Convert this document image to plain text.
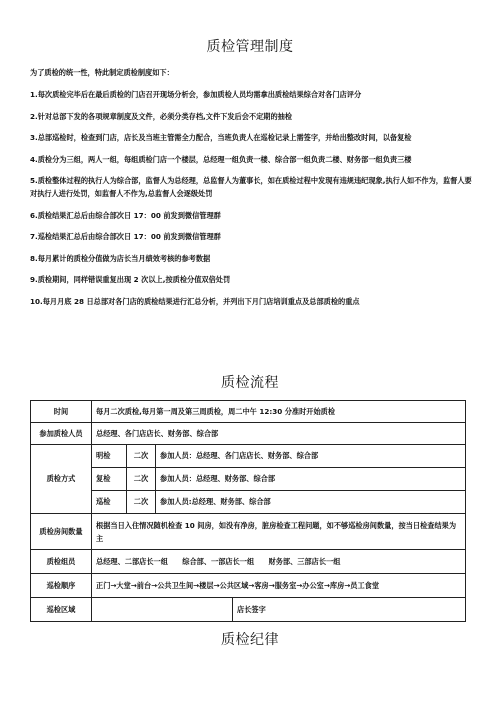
质检管理制度
为了质检的统一性，特此制定质检制度如下：
1.每次质检完毕后在最后质检的门店召开现场分析会，参加质检人员均需拿出质检结果综合对各门店评分
2.针对总部下发的各项规章制度及文件，必须分类存档,文件下发后会不定期的抽检
3.总部巡检时，检查到门店，店长及当班主管需全力配合，当班负责人在巡检记录上需签字，并给出整改时间，以备复检
4.质检分为三组，两人一组，每组质检门店一个楼层，总经理一组负责一楼、综合部一组负责二楼、财务部一组负责三楼
5.质检整体过程的执行人为综合部，监督人为总经理，总监督人为董事长，如在质检过程中发现有违规违纪现象,执行人如不作为，监督人要对执行人进行处罚，如监督人不作为,总监督人会逐级处罚
6.质检结果汇总后由综合部次日 17：00 前发到微信管理群
7.巡检结果汇总后由综合部次日 17：00 前发到微信管理群
8.每月累计的质检分值做为店长当月绩效考核的参考数据
9.质检期间，同样错误重复出现 2 次以上,按质检分值双倍处罚
10.每月月底 28 日总部对各门店的质检结果进行汇总分析，并列出下月门店培训重点及总部质检的重点
质检流程
时间	每月二次质检,每月第一周及第三周质检，周二中午 12:30 分准时开始质检
参加质检人员	总经理、各门店店长、财务部、综合部
质检方式	
明检	二次	参加人员：总经理、各门店店长、财务部、综合部
复检	二次	参加人员：总经理、财务部、综合部
巡检	二次	参加人员:总经理、财务部、综合部

质检房间数量	根据当日入住情况随机检查 10 间房，如没有净房，脏房检查工程问题，如不够巡检房间数量，按当日检查结果为主
质检组员	总经理、二部店长一组　　综合部、一部店长一组　　财务部、三部店长一组
巡检顺序	正门→大堂→前台→公共卫生间→楼层→公共区域→客房→服务室→办公室→库房→员工食堂
巡检区域		店长签字
质检纪律
